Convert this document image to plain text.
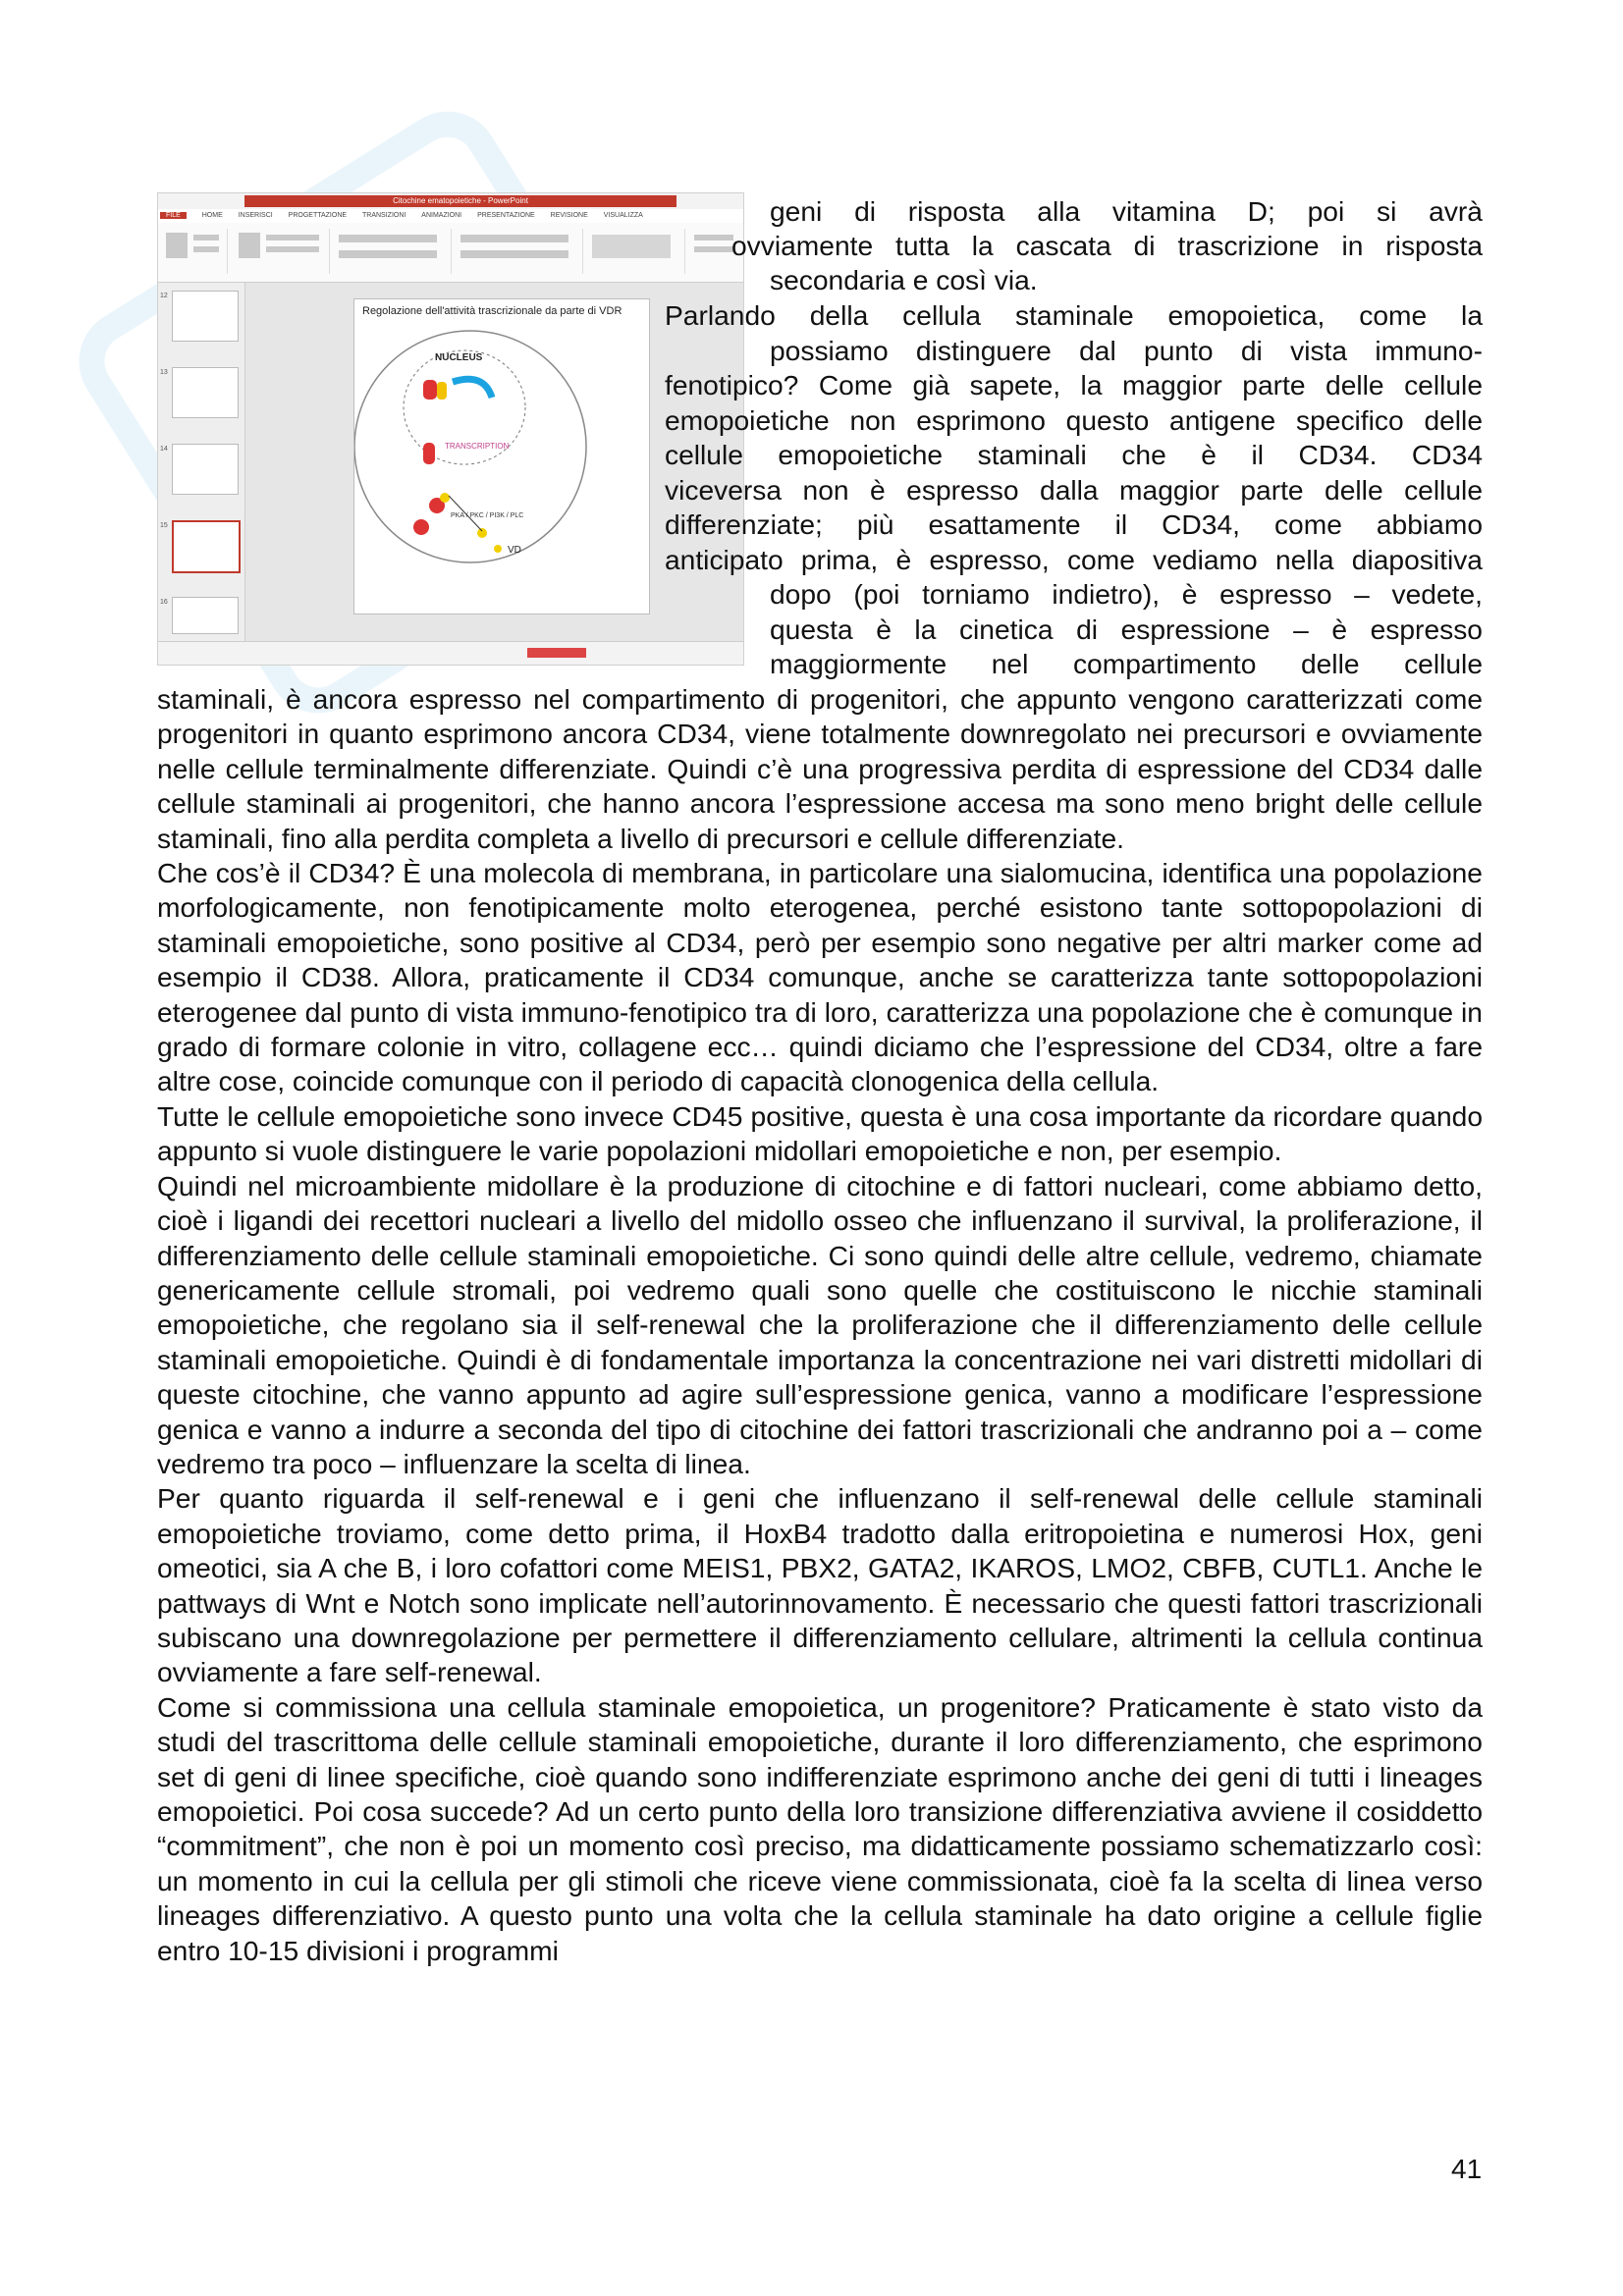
Citochine ematopoietiche - PowerPoint
FILE	HOME INSERISCI PROGETTAZIONE TRANSIZIONI ANIMAZIONI PRESENTAZIONE REVISIONE VISUALIZZA
12
13
14
15
16
Regolazione dell'attività trascrizionale da parte di VDR
NUCLEUS
TRANSCRIPTION
PKA / PKC / PI3K / PLC
VD

geni di risposta alla vitamina D; poi si avrà

ovviamente tutta la cascata di trascrizione in risposta

secondaria e così via.

Parlando della cellula staminale emopoietica, come la

possiamo distinguere dal punto di vista immuno-

fenotipico? Come già sapete, la maggior parte delle cellule

emopoietiche non esprimono questo antigene specifico delle

cellule emopoietiche staminali che è il CD34. CD34

viceversa non è espresso dalla maggior parte delle cellule

differenziate; più esattamente il CD34, come abbiamo

anticipato prima, è espresso, come vediamo nella diapositiva

dopo (poi torniamo indietro), è espresso – vedete,

questa è la cinetica di espressione – è espresso

maggiormente nel compartimento delle cellule

staminali, è ancora espresso nel compartimento di progenitori, che appunto vengono caratterizzati come progenitori in quanto esprimono ancora CD34, viene totalmente downregolato nei precursori e ovviamente nelle cellule terminalmente differenziate. Quindi c’è una progressiva perdita di espressione del CD34 dalle cellule staminali ai progenitori, che hanno ancora l’espressione accesa ma sono meno bright delle cellule staminali, fino alla perdita completa a livello di precursori e cellule differenziate.

Che cos’è il CD34? È una molecola di membrana, in particolare una sialomucina, identifica una popolazione morfologicamente, non fenotipicamente molto eterogenea, perché esistono tante sottopopolazioni di staminali emopoietiche, sono positive al CD34, però per esempio sono negative per altri marker come ad esempio il CD38. Allora, praticamente il CD34 comunque, anche se caratterizza tante sottopopolazioni eterogenee dal punto di vista immuno-fenotipico tra di loro, caratterizza una popolazione che è comunque in grado di formare colonie in vitro, collagene ecc… quindi diciamo che l’espressione del CD34, oltre a fare altre cose, coincide comunque con il periodo di capacità clonogenica della cellula.

Tutte le cellule emopoietiche sono invece CD45 positive, questa è una cosa importante da ricordare quando appunto si vuole distinguere le varie popolazioni midollari emopoietiche e non, per esempio.

Quindi nel microambiente midollare è la produzione di citochine e di fattori nucleari, come abbiamo detto, cioè i ligandi dei recettori nucleari a livello del midollo osseo che influenzano il survival, la proliferazione, il differenziamento delle cellule staminali emopoietiche. Ci sono quindi delle altre cellule, vedremo, chiamate genericamente cellule stromali, poi vedremo quali sono quelle che costituiscono le nicchie staminali emopoietiche, che regolano sia il self-renewal che la proliferazione che il differenziamento delle cellule staminali emopoietiche. Quindi è di fondamentale importanza la concentrazione nei vari distretti midollari di queste citochine, che vanno appunto ad agire sull’espressione genica, vanno a modificare l’espressione genica e vanno a indurre a seconda del tipo di citochine dei fattori trascrizionali che andranno poi a – come vedremo tra poco – influenzare la scelta di linea.

Per quanto riguarda il self-renewal e i geni che influenzano il self-renewal delle cellule staminali emopoietiche troviamo, come detto prima, il HoxB4 tradotto dalla eritropoietina e numerosi Hox, geni omeotici, sia A che B, i loro cofattori come MEIS1, PBX2, GATA2, IKAROS, LMO2, CBFB, CUTL1. Anche le pattways di Wnt e Notch sono implicate nell’autorinnovamento. È necessario che questi fattori trascrizionali subiscano una downregolazione per permettere il differenziamento cellulare, altrimenti la cellula continua ovviamente a fare self-renewal.

Come si commissiona una cellula staminale emopoietica, un progenitore? Praticamente è stato visto da studi del trascrittoma delle cellule staminali emopoietiche, durante il loro differenziamento, che esprimono set di geni di linee specifiche, cioè quando sono indifferenziate esprimono anche dei geni di tutti i lineages emopoietici. Poi cosa succede? Ad un certo punto della loro transizione differenziativa avviene il cosiddetto “commitment”, che non è poi un momento così preciso, ma didatticamente possiamo schematizzarlo così: un momento in cui la cellula per gli stimoli che riceve viene commissionata, cioè fa la scelta di linea verso lineages differenziativo. A questo punto una volta che la cellula staminale ha dato origine a cellule figlie entro 10-15 divisioni i programmi

41
